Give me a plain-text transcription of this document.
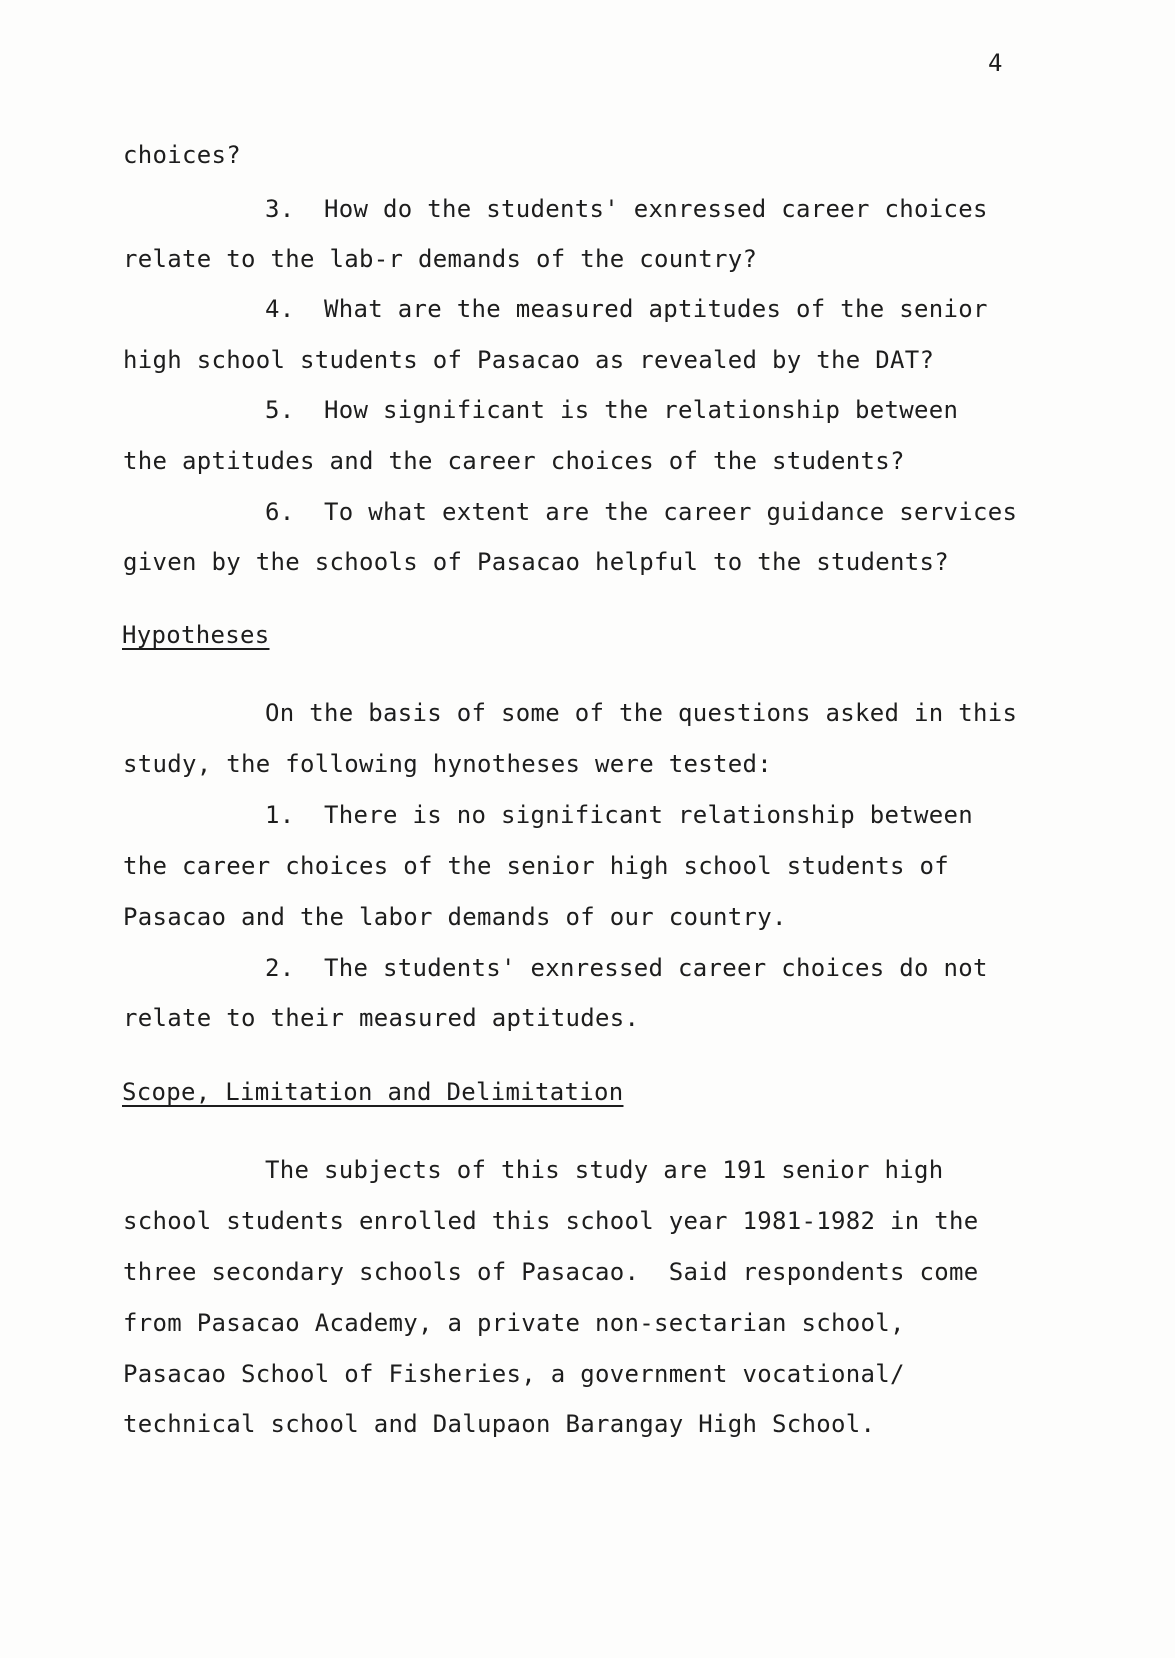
4
choices?
3.  How do the students' exnressed career choices
relate to the lab‐r demands of the country?
4.  What are the measured aptitudes of the senior
high school students of Pasacao as revealed by the DAT?
5.  How significant is the relationship between
the aptitudes and the career choices of the students?
6.  To what extent are the career guidance services
given by the schools of Pasacao helpful to the students?
Hypotheses
On the basis of some of the questions asked in this
study, the following hynotheses were tested:
1.  There is no significant relationship between
the career choices of the senior high school students of
Pasacao and the labor demands of our country.
2.  The students' exnressed career choices do not
relate to their measured aptitudes.
Scope, Limitation and Delimitation
The subjects of this study are 191 senior high
school students enrolled this school year 1981-1982 in the
three secondary schools of Pasacao.  Said respondents come
from Pasacao Academy, a private non-sectarian school,
Pasacao School of Fisheries, a government vocational/
technical school and Dalupaon Barangay High School.
